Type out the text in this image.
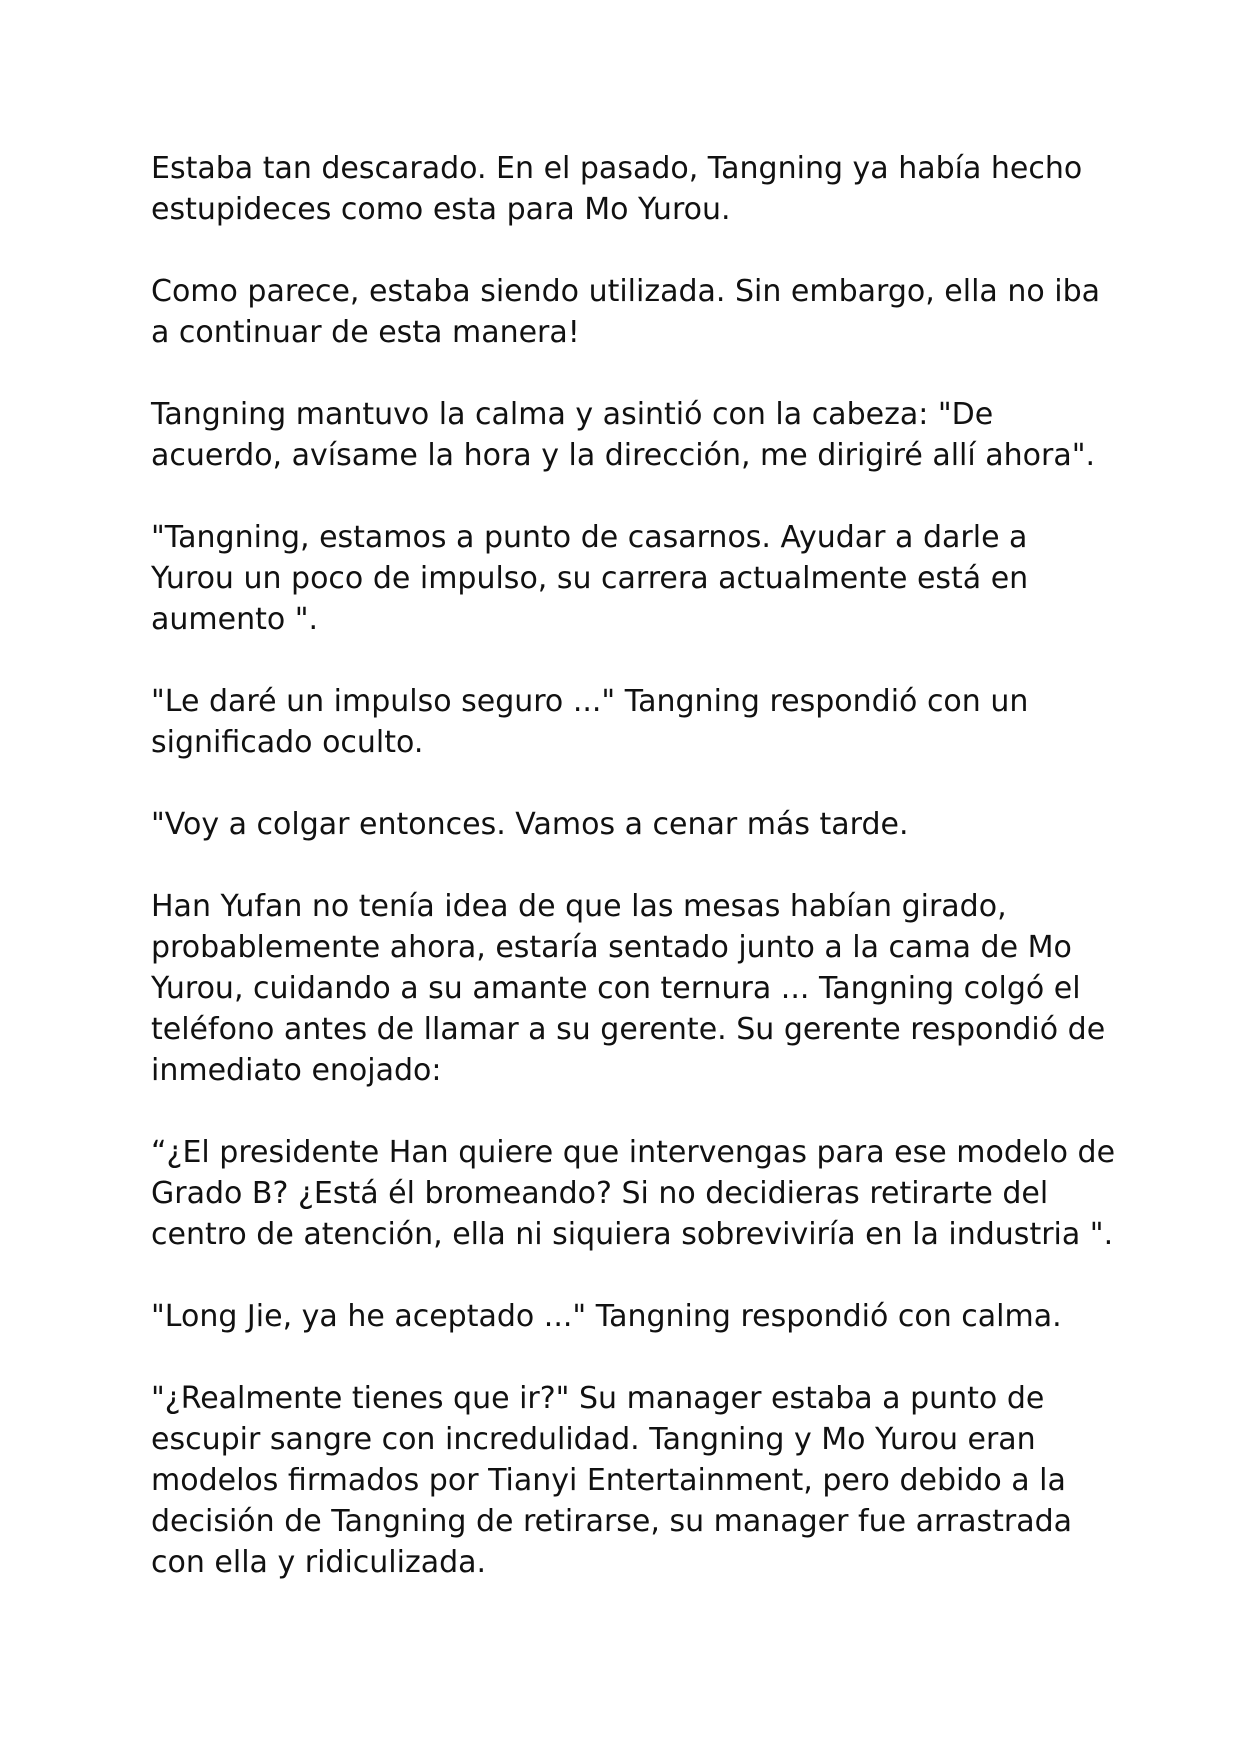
Estaba tan descarado. En el pasado, Tangning ya había hecho
estupideces como esta para Mo Yurou.

Como parece, estaba siendo utilizada. Sin embargo, ella no iba
a continuar de esta manera!

Tangning mantuvo la calma y asintió con la cabeza: "De
acuerdo, avísame la hora y la dirección, me dirigiré allí ahora".

"Tangning, estamos a punto de casarnos. Ayudar a darle a
Yurou un poco de impulso, su carrera actualmente está en
aumento ".

"Le daré un impulso seguro ..." Tangning respondió con un
significado oculto.

"Voy a colgar entonces. Vamos a cenar más tarde.

Han Yufan no tenía idea de que las mesas habían girado,
probablemente ahora, estaría sentado junto a la cama de Mo
Yurou, cuidando a su amante con ternura ... Tangning colgó el
teléfono antes de llamar a su gerente. Su gerente respondió de
inmediato enojado:

“¿El presidente Han quiere que intervengas para ese modelo de
Grado B? ¿Está él bromeando? Si no decidieras retirarte del
centro de atención, ella ni siquiera sobreviviría en la industria ".

"Long Jie, ya he aceptado ..." Tangning respondió con calma.

"¿Realmente tienes que ir?" Su manager estaba a punto de
escupir sangre con incredulidad. Tangning y Mo Yurou eran
modelos firmados por Tianyi Entertainment, pero debido a la
decisión de Tangning de retirarse, su manager fue arrastrada
con ella y ridiculizada.
